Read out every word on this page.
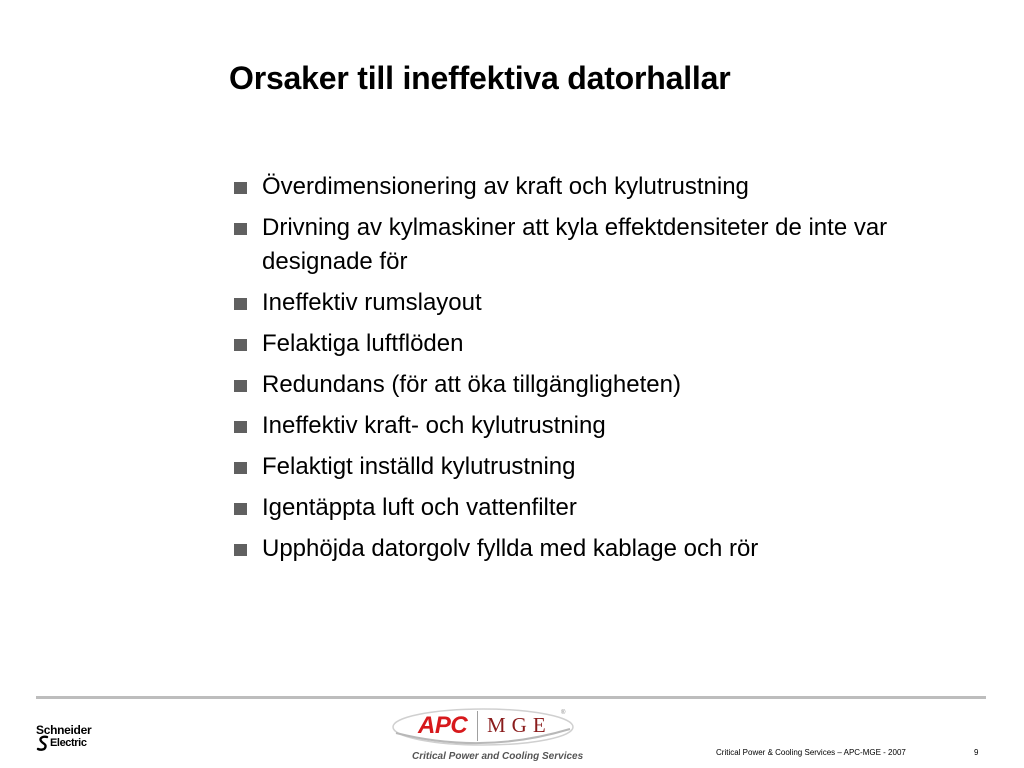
Orsaker till ineffektiva datorhallar
Överdimensionering av kraft och kylutrustning
Drivning av kylmaskiner att kyla effektdensiteter de inte var designade för
Ineffektiv rumslayout
Felaktiga luftflöden
Redundans (för att öka tillgängligheten)
Ineffektiv kraft- och kylutrustning
Felaktigt inställd kylutrustning
Igentäppta luft och vattenfilter
Upphöjda datorgolv fyllda med kablage och rör
Schneider
Electric
APC MGE ®
Critical Power and Cooling Services	Critical Power & Cooling Services – APC-MGE - 2007	9
